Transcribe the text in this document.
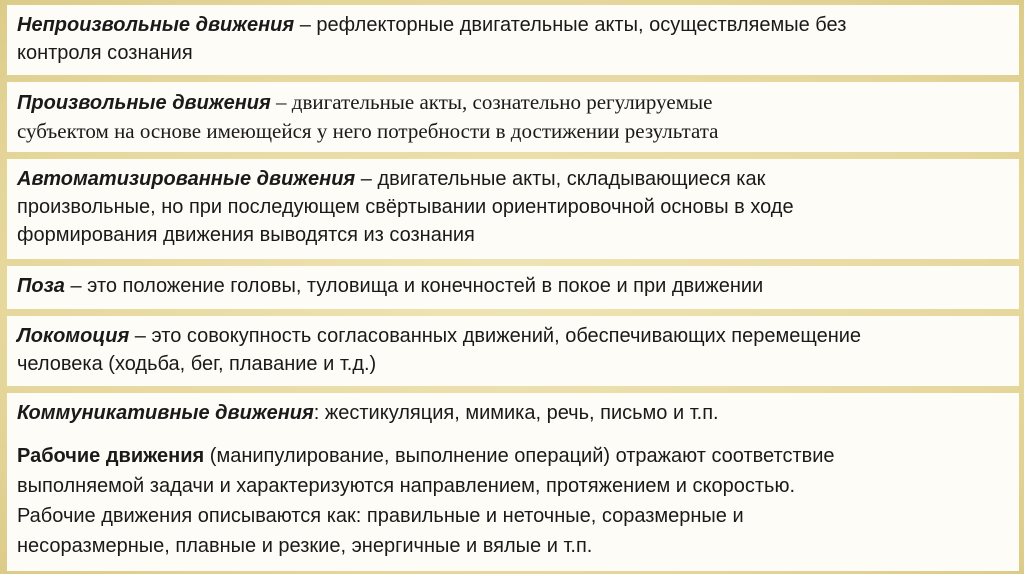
Непроизвольные движения – рефлекторные двигательные акты, осуществляемые без

контроля сознания

Произвольные движения – двигательные акты, сознательно регулируемые

субъектом на основе имеющейся у него потребности в достижении результата

Автоматизированные движения – двигательные акты, складывающиеся как

произвольные, но при последующем свёртывании ориентировочной основы в ходе

формирования движения выводятся из сознания

Поза – это положение головы, туловища и конечностей в покое и при движении

Локомоция – это совокупность согласованных движений, обеспечивающих перемещение

человека (ходьба, бег, плавание и т.д.)

Коммуникативные движения: жестикуляция, мимика, речь, письмо и т.п.

Рабочие движения (манипулирование, выполнение операций) отражают соответствие

выполняемой задачи и характеризуются направлением, протяжением и скоростью.

Рабочие движения описываются как: правильные и неточные, соразмерные и

несоразмерные, плавные и резкие, энергичные и вялые и т.п.
